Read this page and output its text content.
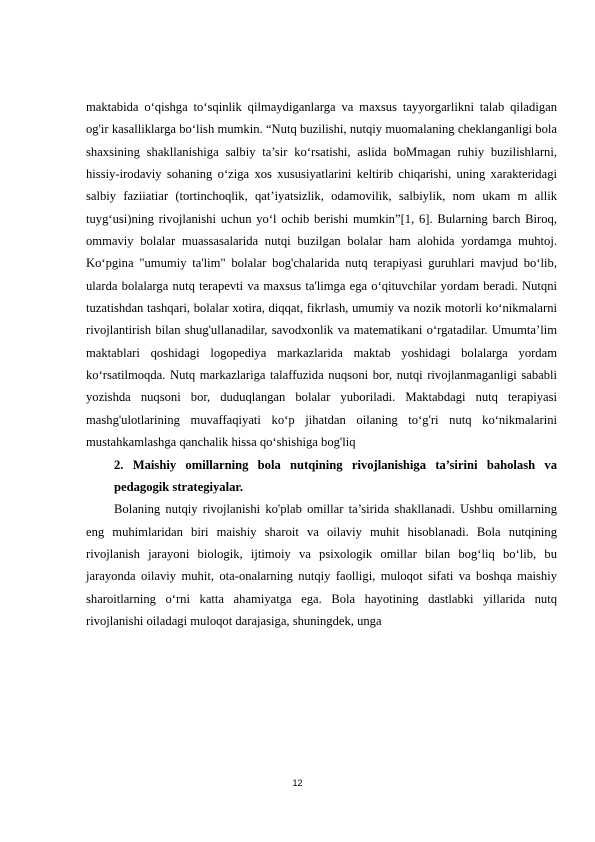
maktabida o‘qishga to‘sqinlik qilmaydiganlarga va maxsus tayyorgarlikni talab qiladigan og'ir kasalliklarga bo‘lish mumkin. “Nutq buzilishi, nutqiy muomalaning cheklanganligi bola shaxsining shakllanishiga salbiy ta’sir ko‘rsatishi, aslida boMmagan ruhiy buzilishlarni, hissiy-irodaviy sohaning o‘ziga xos xususiyatlarini keltirib chiqarishi, uning xarakteridagi salbiy faziiatiar (tortinchoqlik, qat’iyatsizlik, odamovilik, salbiylik, nom ukam m allik tuyg‘usi)ning rivojlanishi uchun yo‘l ochib berishi mumkin”[1, 6]. Bularning barch Biroq, ommaviy bolalar muassasalarida nutqi buzilgan bolalar ham alohida yordamga muhtoj. Ko‘pgina "umumiy ta'lim" bolalar bog'chalarida nutq terapiyasi guruhlari mavjud bo‘lib, ularda bolalarga nutq terapevti va maxsus ta'limga ega o‘qituvchilar yordam beradi. Nutqni tuzatishdan tashqari, bolalar xotira, diqqat, fikrlash, umumiy va nozik motorli ko‘nikmalarni rivojlantirish bilan shug'ullanadilar, savodxonlik va matematikani o‘rgatadilar. Umumta’lim maktablari qoshidagi logopediya markazlarida maktab yoshidagi bolalarga yordam ko‘rsatilmoqda. Nutq markazlariga talaffuzida nuqsoni bor, nutqi rivojlanmaganligi sababli yozishda nuqsoni bor, duduqlangan bolalar yuboriladi. Maktabdagi nutq terapiyasi mashg'ulotlarining muvaffaqiyati ko‘p jihatdan oilaning to‘g'ri nutq ko‘nikmalarini mustahkamlashga qanchalik hissa qo‘shishiga bog'liq

2. Maishiy omillarning bola nutqining rivojlanishiga ta’sirini baholash va pedagogik strategiyalar.

Bolaning nutqiy rivojlanishi ko'plab omillar ta’sirida shakllanadi. Ushbu omillarning eng muhimlaridan biri maishiy sharoit va oilaviy muhit hisoblanadi. Bola nutqining rivojlanish jarayoni biologik, ijtimoiy va psixologik omillar bilan bog‘liq bo‘lib, bu jarayonda oilaviy muhit, ota-onalarning nutqiy faolligi, muloqot sifati va boshqa maishiy sharoitlarning o‘rni katta ahamiyatga ega. Bola hayotining dastlabki yillarida nutq rivojlanishi oiladagi muloqot darajasiga, shuningdek, unga

12
